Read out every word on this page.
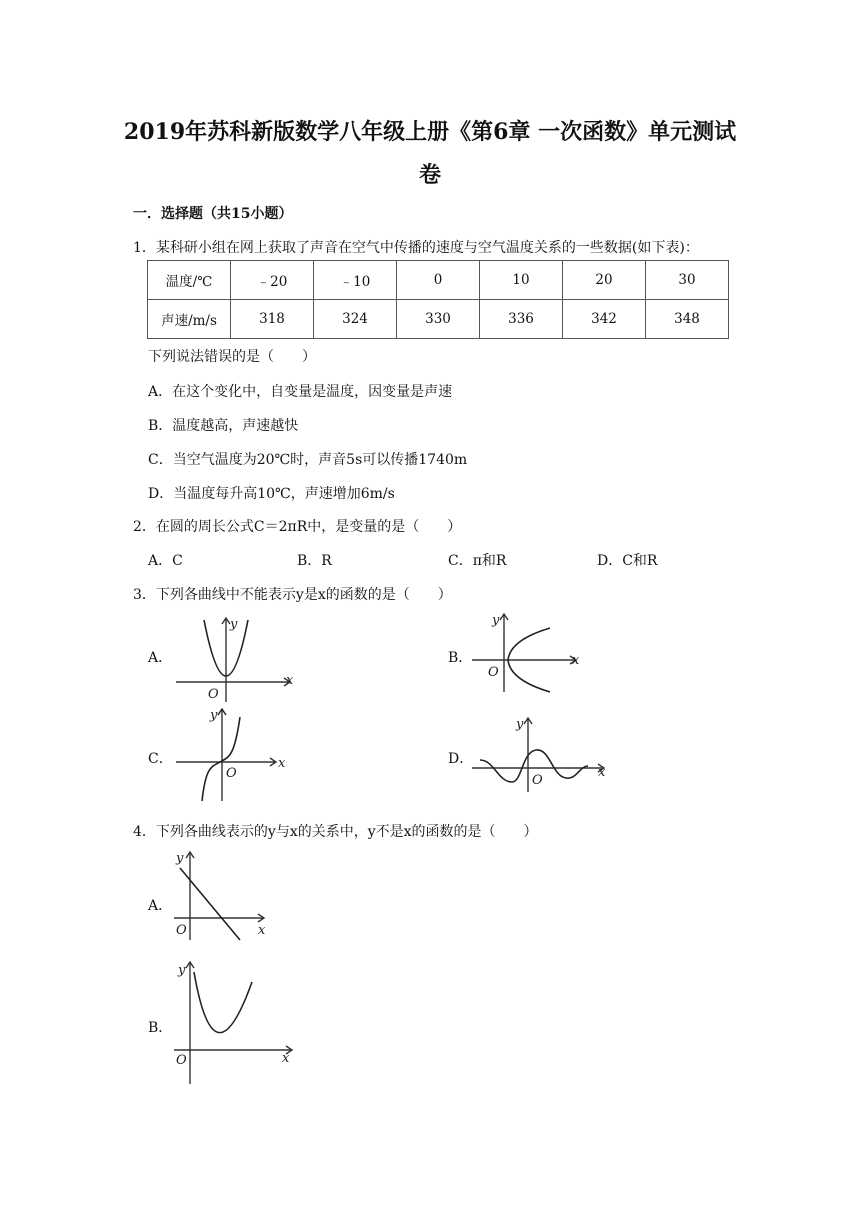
2019年苏科新版数学八年级上册《第6章 一次函数》单元测试
卷
一．选择题（共15小题）
1．某科研小组在网上获取了声音在空气中传播的速度与空气温度关系的一些数据(如下表)：
温度/℃	﹣20	﹣10	0	10	20	30
声速/m/s	318	324	330	336	342	348
下列说法错误的是（　　）
A．在这个变化中，自变量是温度，因变量是声速
B．温度越高，声速越快
C．当空气温度为20℃时，声音5s可以传播1740m
D．当温度每升高10℃，声速增加6m/s
2．在圆的周长公式C＝2πR中，是变量的是（　　）
A．C	B．R	C．π和R	D．C和R
3．下列各曲线中不能表示y是x的函数的是（　　）
A．
y
x
O
B．
y
x
O
C．
y
x
O
D．
y
x
O
4．下列各曲线表示的y与x的关系中，y不是x的函数的是（　　）
A．
y
x
O
B．
y
x
O
